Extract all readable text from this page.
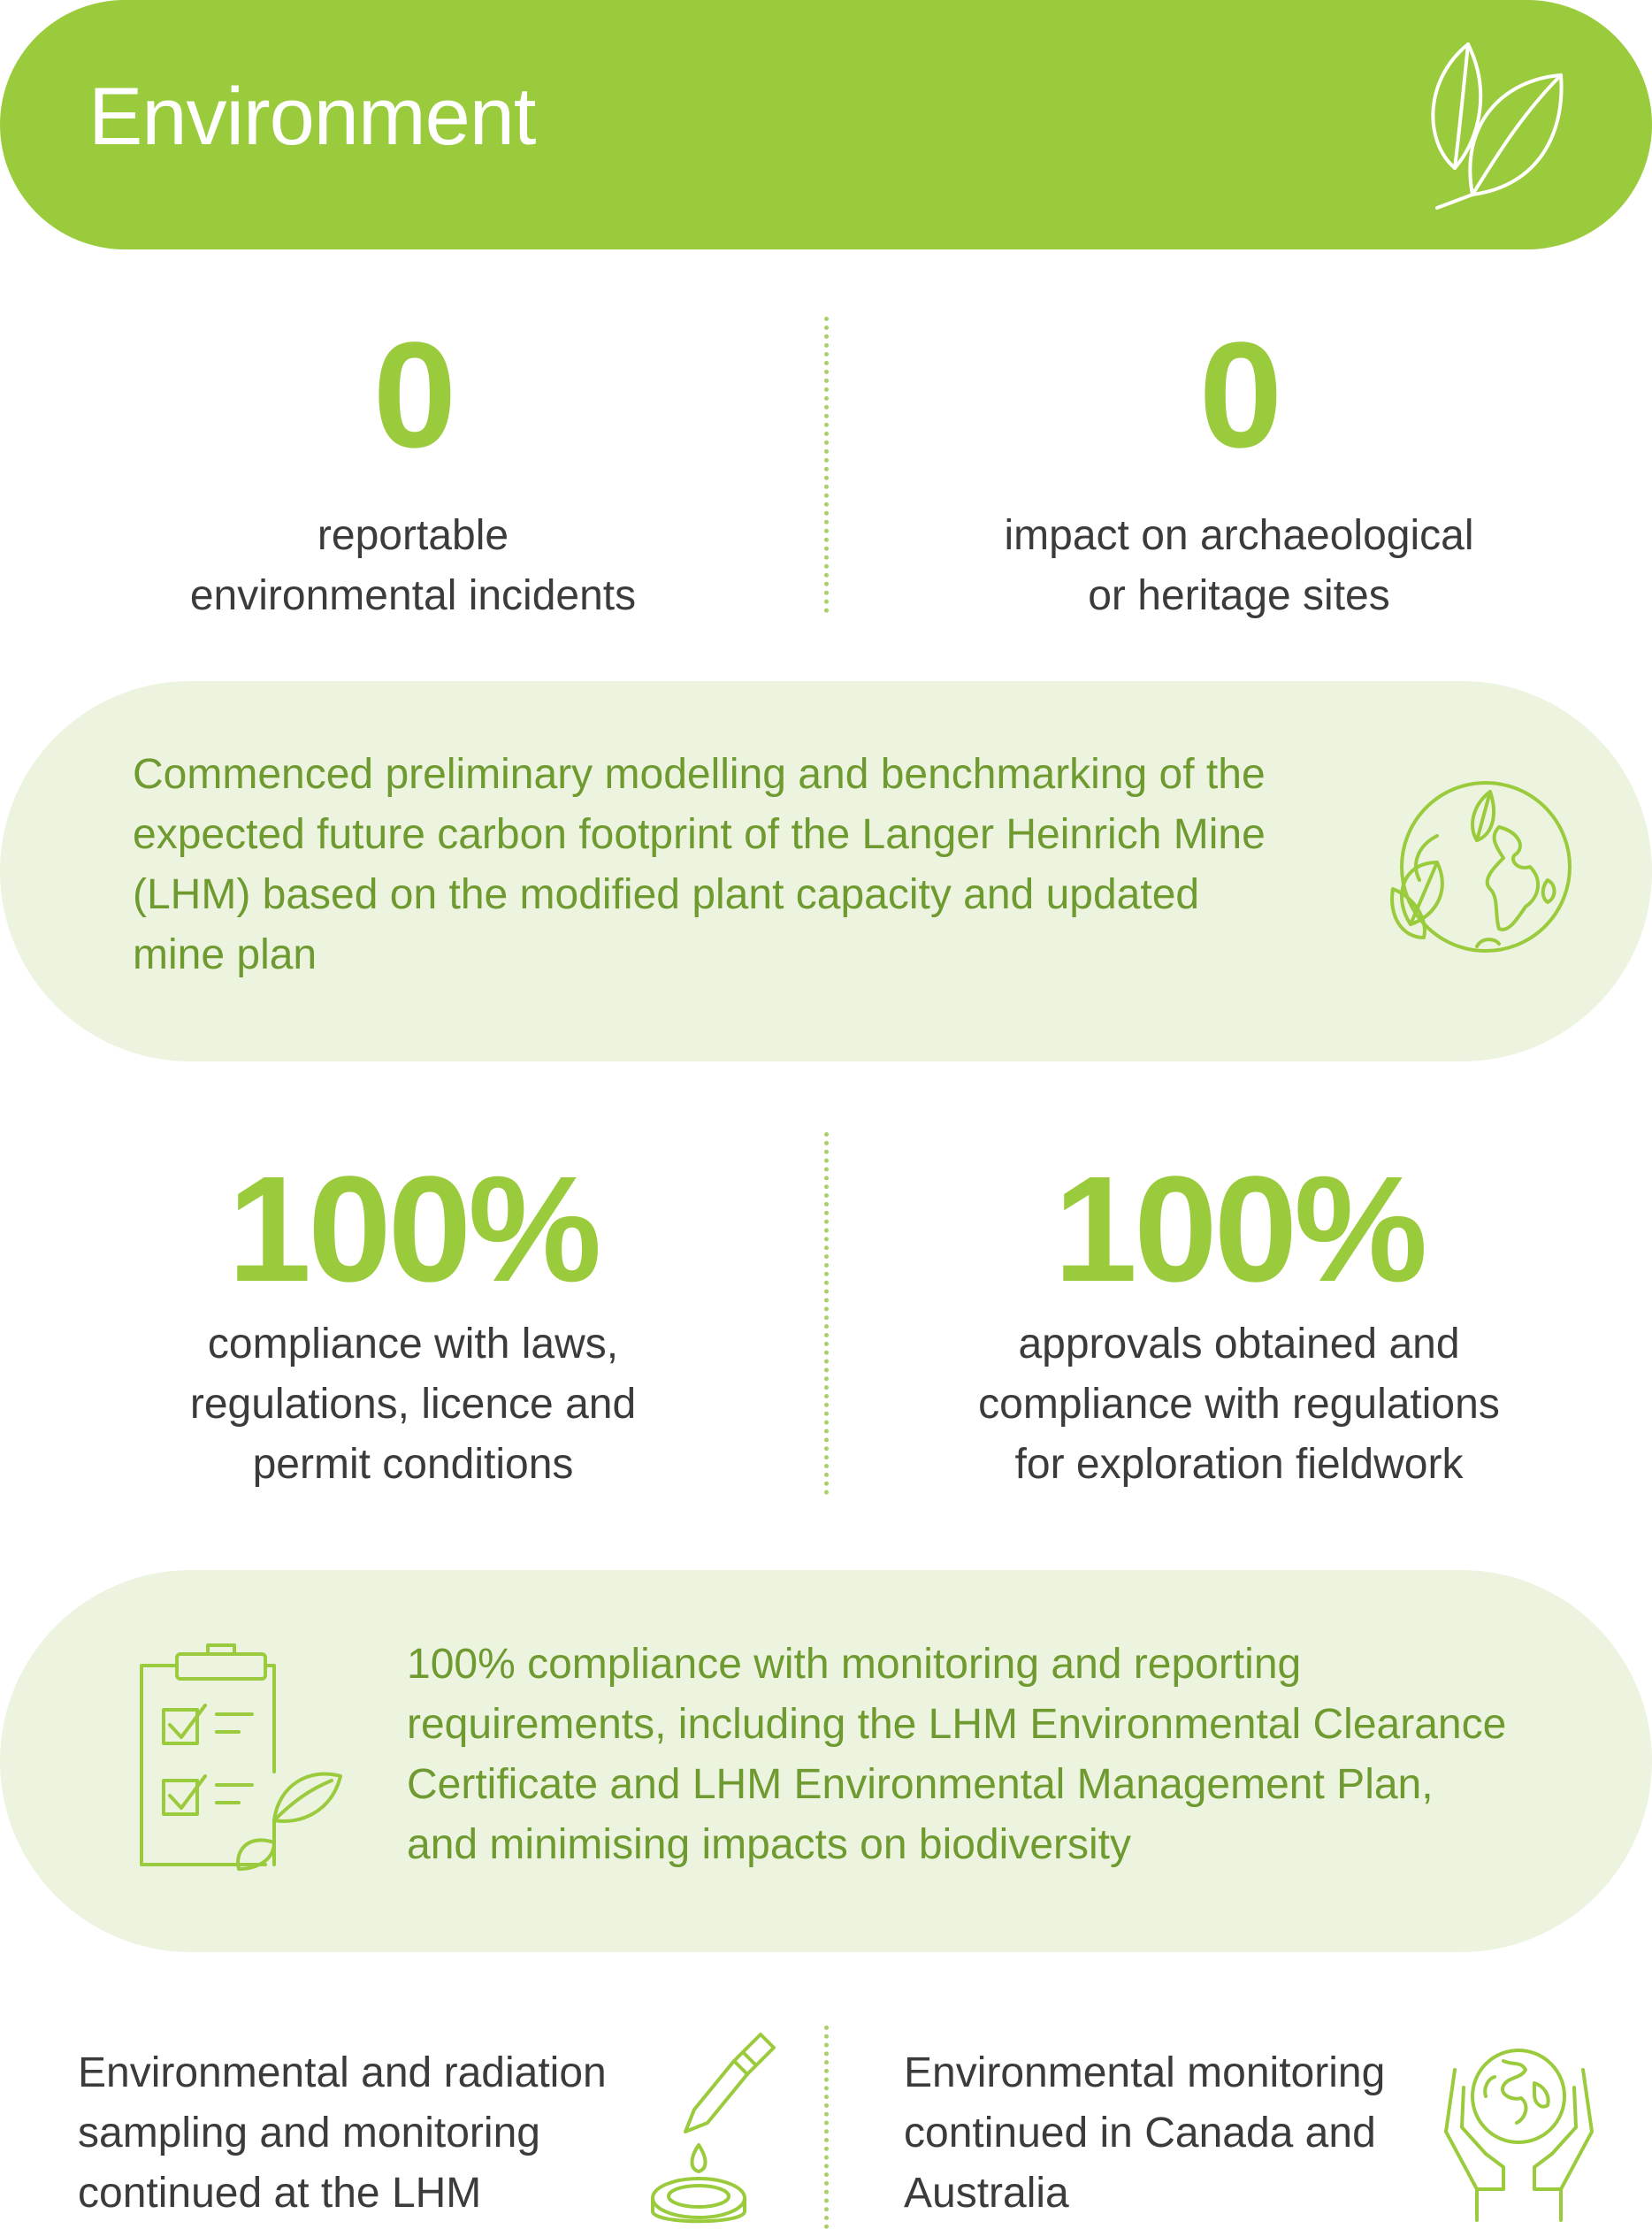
Environment
0
reportable
environmental incidents
0
impact on archaeological
or heritage sites
Commenced preliminary modelling and benchmarking of the
expected future carbon footprint of the Langer Heinrich Mine
(LHM) based on the modified plant capacity and updated
mine plan
100%
compliance with laws,
regulations, licence and
permit conditions
100%
approvals obtained and
compliance with regulations
for exploration fieldwork
100% compliance with monitoring and reporting
requirements, including the LHM Environmental Clearance
Certificate and LHM Environmental Management Plan,
and minimising impacts on biodiversity
Environmental and radiation
sampling and monitoring
continued at the LHM
Environmental monitoring
continued in Canada and
Australia
